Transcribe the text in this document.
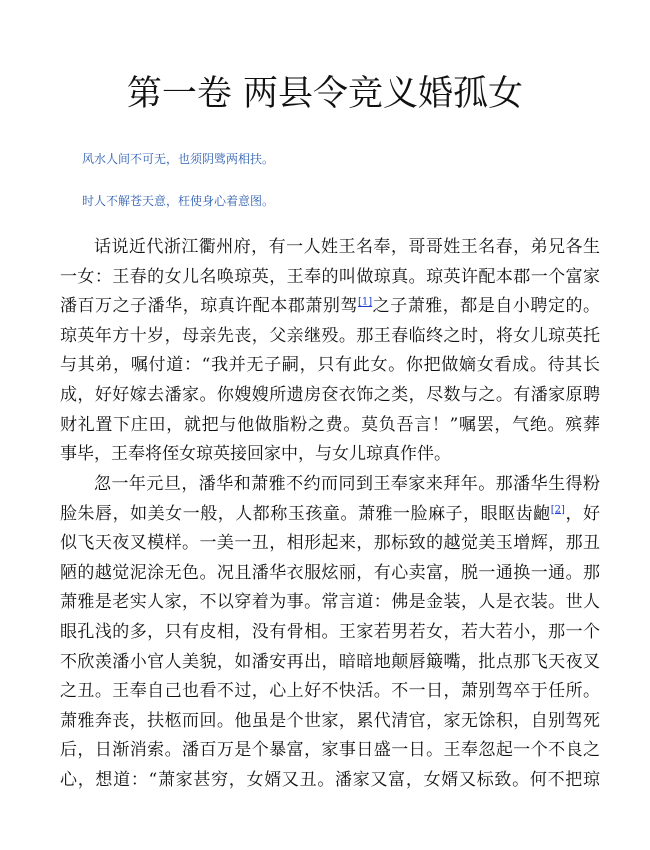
第一卷 两县令竞义婚孤女

风水人间不可无，也须阴骘两相扶。

时人不解苍天意，枉使身心着意图。

话说近代浙江衢州府，有一人姓王名奉，哥哥姓王名春，弟兄各生
一女：王春的女儿名唤琼英，王奉的叫做琼真。琼英许配本郡一个富家
潘百万之子潘华，琼真许配本郡萧别驾[1]之子萧雅，都是自小聘定的。
琼英年方十岁，母亲先丧，父亲继殁。那王春临终之时，将女儿琼英托
与其弟，嘱付道：“我并无子嗣，只有此女。你把做嫡女看成。待其长
成，好好嫁去潘家。你嫂嫂所遗房奁衣饰之类，尽数与之。有潘家原聘
财礼置下庄田，就把与他做脂粉之费。莫负吾言！”嘱罢，气绝。殡葬
事毕，王奉将侄女琼英接回家中，与女儿琼真作伴。
忽一年元旦，潘华和萧雅不约而同到王奉家来拜年。那潘华生得粉
脸朱唇，如美女一般，人都称玉孩童。萧雅一脸麻子，眼眍齿齙[2]，好
似飞天夜叉模样。一美一丑，相形起来，那标致的越觉美玉增辉，那丑
陋的越觉泥涂无色。况且潘华衣服炫丽，有心卖富，脱一通换一通。那
萧雅是老实人家，不以穿着为事。常言道：佛是金装，人是衣装。世人
眼孔浅的多，只有皮相，没有骨相。王家若男若女，若大若小，那一个
不欣羡潘小官人美貌，如潘安再出，暗暗地颠唇簸嘴，批点那飞天夜叉
之丑。王奉自己也看不过，心上好不快活。不一日，萧别驾卒于任所。
萧雅奔丧，扶柩而回。他虽是个世家，累代清官，家无馀积，自别驾死
后，日渐消索。潘百万是个暴富，家事日盛一日。王奉忽起一个不良之
心，想道：“萧家甚穷，女婿又丑。潘家又富，女婿又标致。何不把琼
